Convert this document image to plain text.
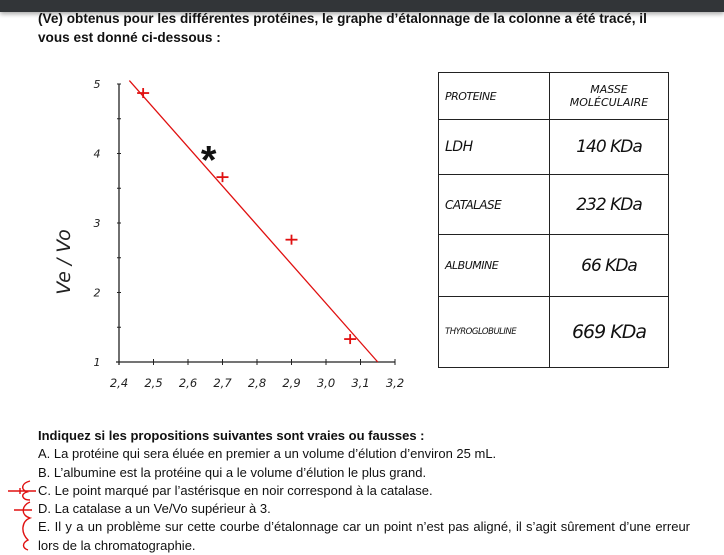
(Ve) obtenus pour les différentes protéines, le graphe d’étalonnage de la colonne a été tracé, il vous est donné ci-dessous :
1
2
3
4
5
2,4 2,5 2,6 2,7 2,8 2,9 3,0 3,1 3,2
*
Ve / Vo
PROTEINE	MASSE
MOLÉCULAIRE

LDH	140 KDa
CATALASE	232 KDa
ALBUMINE	66 KDa
THYROGLOBULINE	669 KDa
Indiquez si les propositions suivantes sont vraies ou fausses :
A. La protéine qui sera éluée en premier a un volume d’élution d’environ 25 mL.
B. L’albumine est la protéine qui a le volume d’élution le plus grand.
C. Le point marqué par l’astérisque en noir correspond à la catalase.
D. La catalase a un Ve/Vo supérieur à 3.
E. Il y a un problème sur cette courbe d’étalonnage car un point n’est pas aligné, il s’agit sûrement d’une erreur lors de la chromatographie.
